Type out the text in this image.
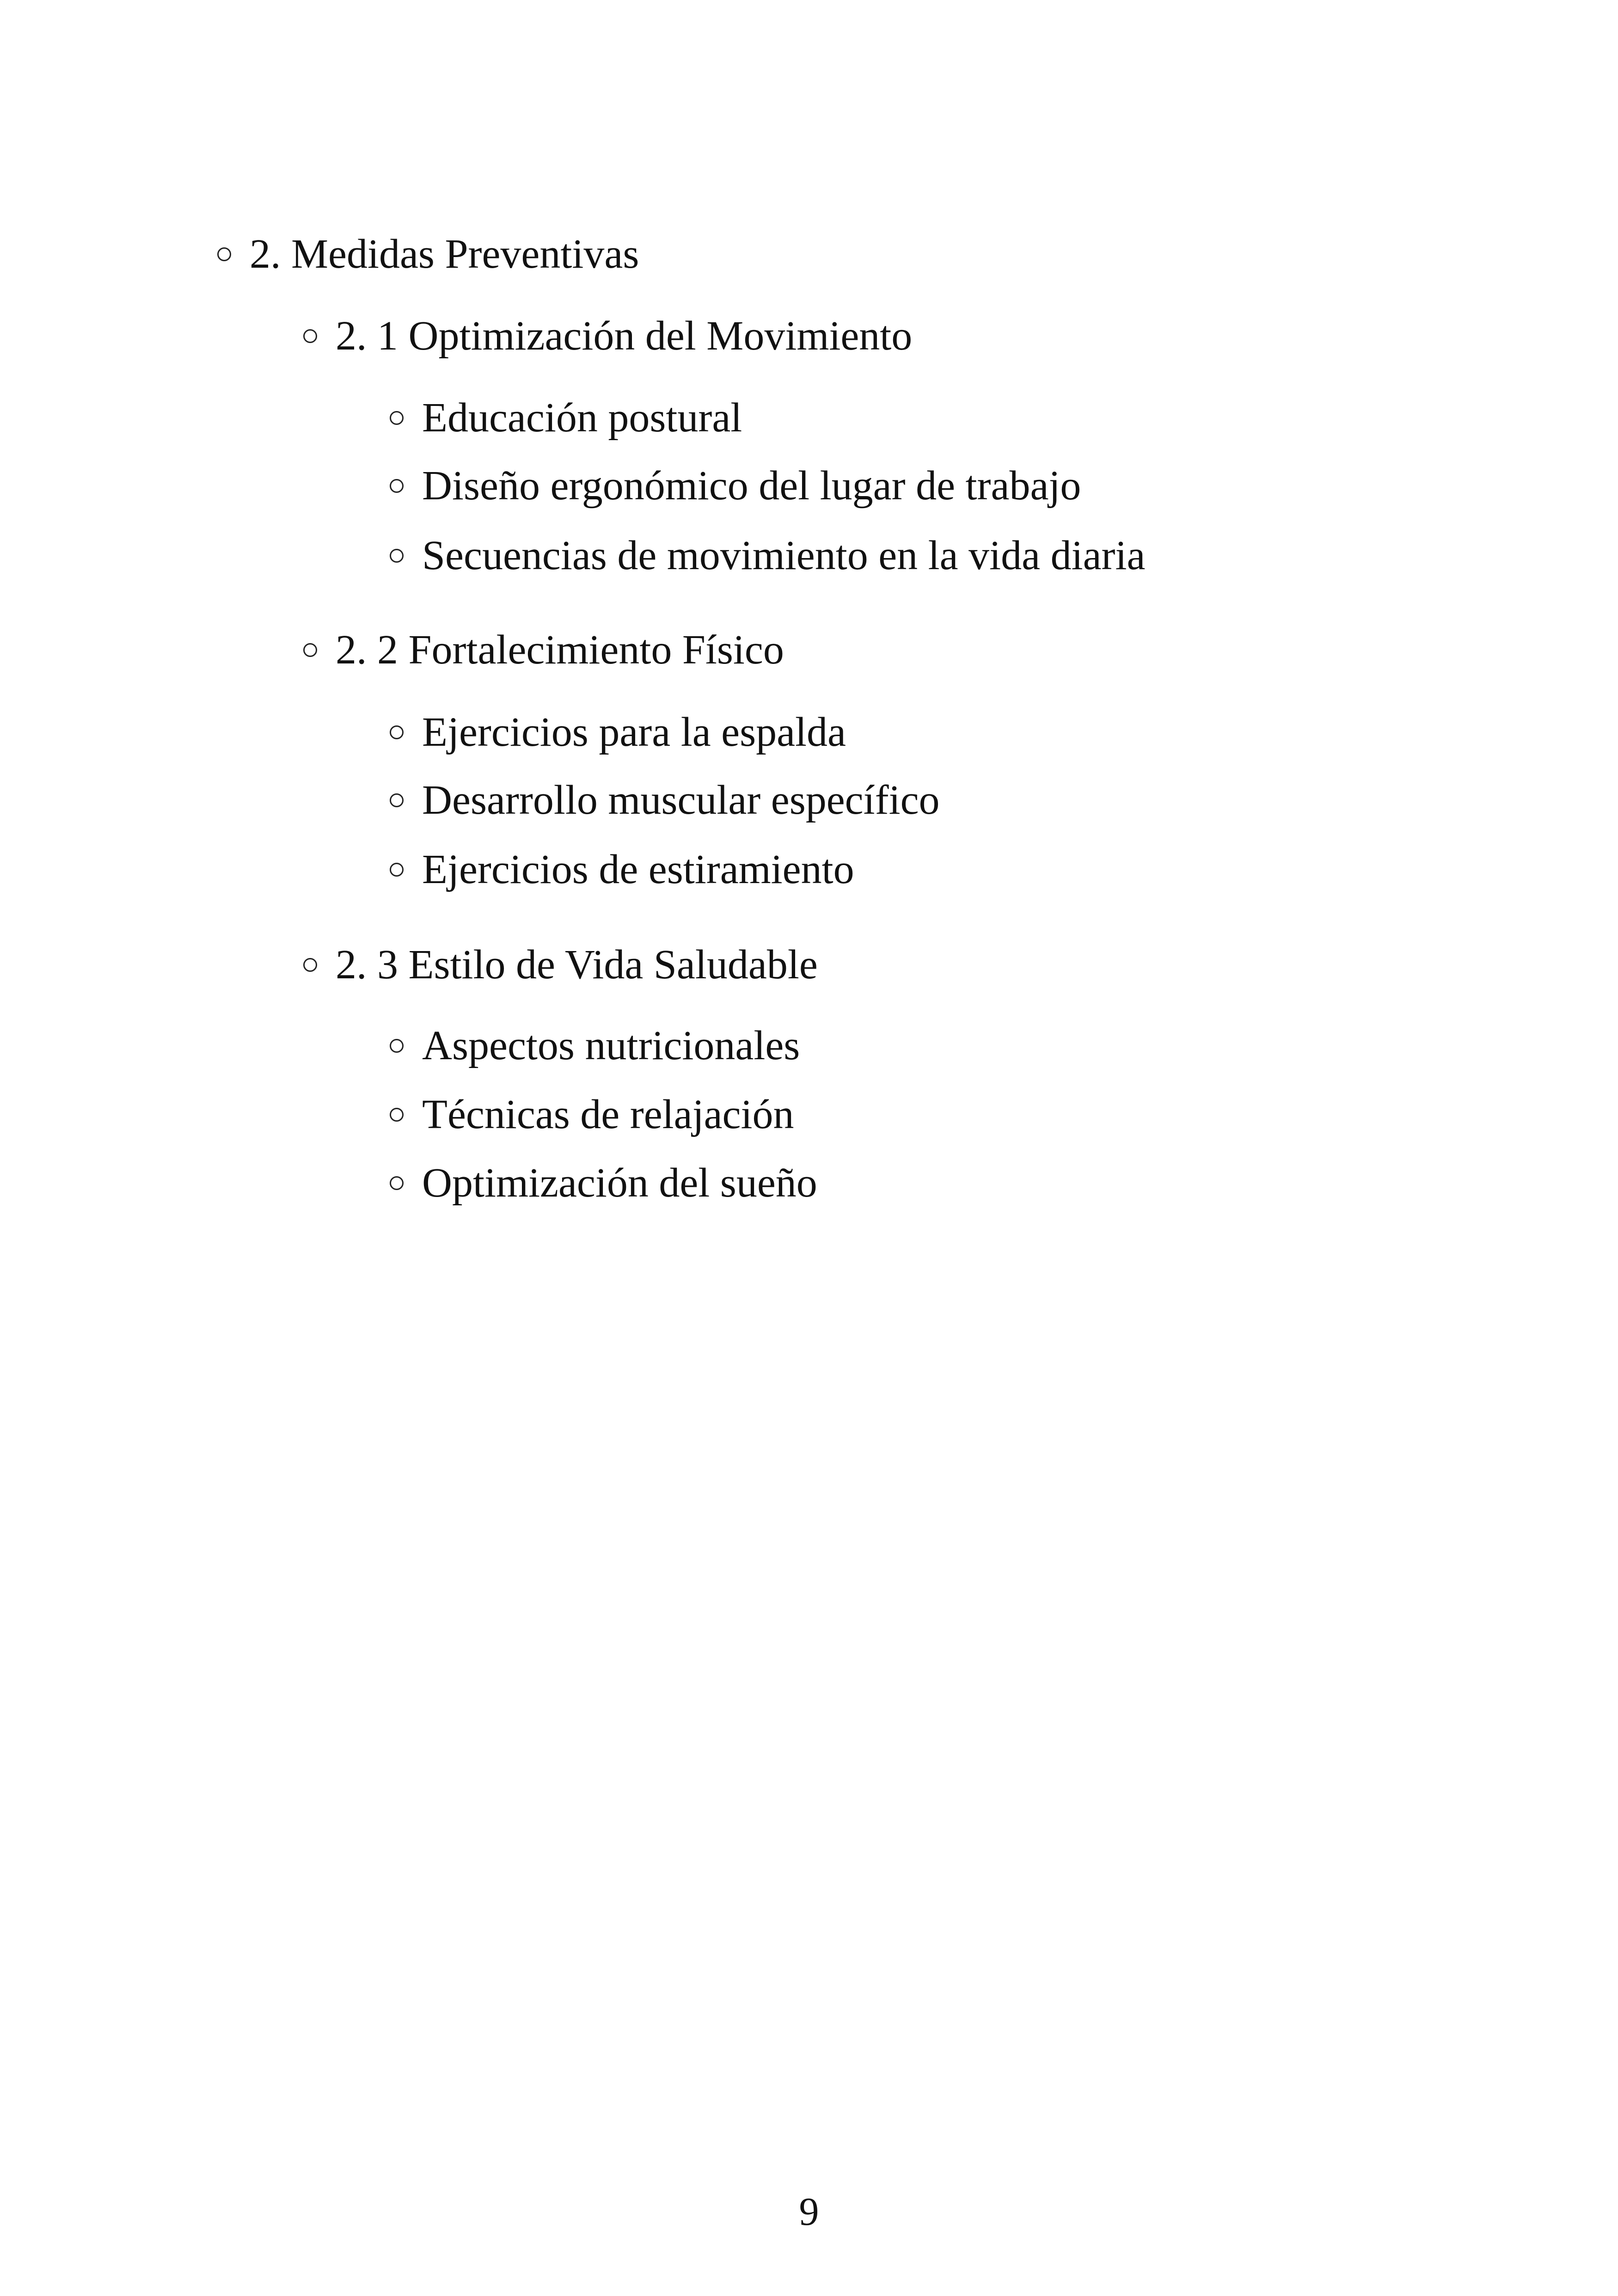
2. Medidas Preventivas
2. 1 Optimización del Movimiento
Educación postural
Diseño ergonómico del lugar de trabajo
Secuencias de movimiento en la vida diaria
2. 2 Fortalecimiento Físico
Ejercicios para la espalda
Desarrollo muscular específico
Ejercicios de estiramiento
2. 3 Estilo de Vida Saludable
Aspectos nutricionales
Técnicas de relajación
Optimización del sueño
9
